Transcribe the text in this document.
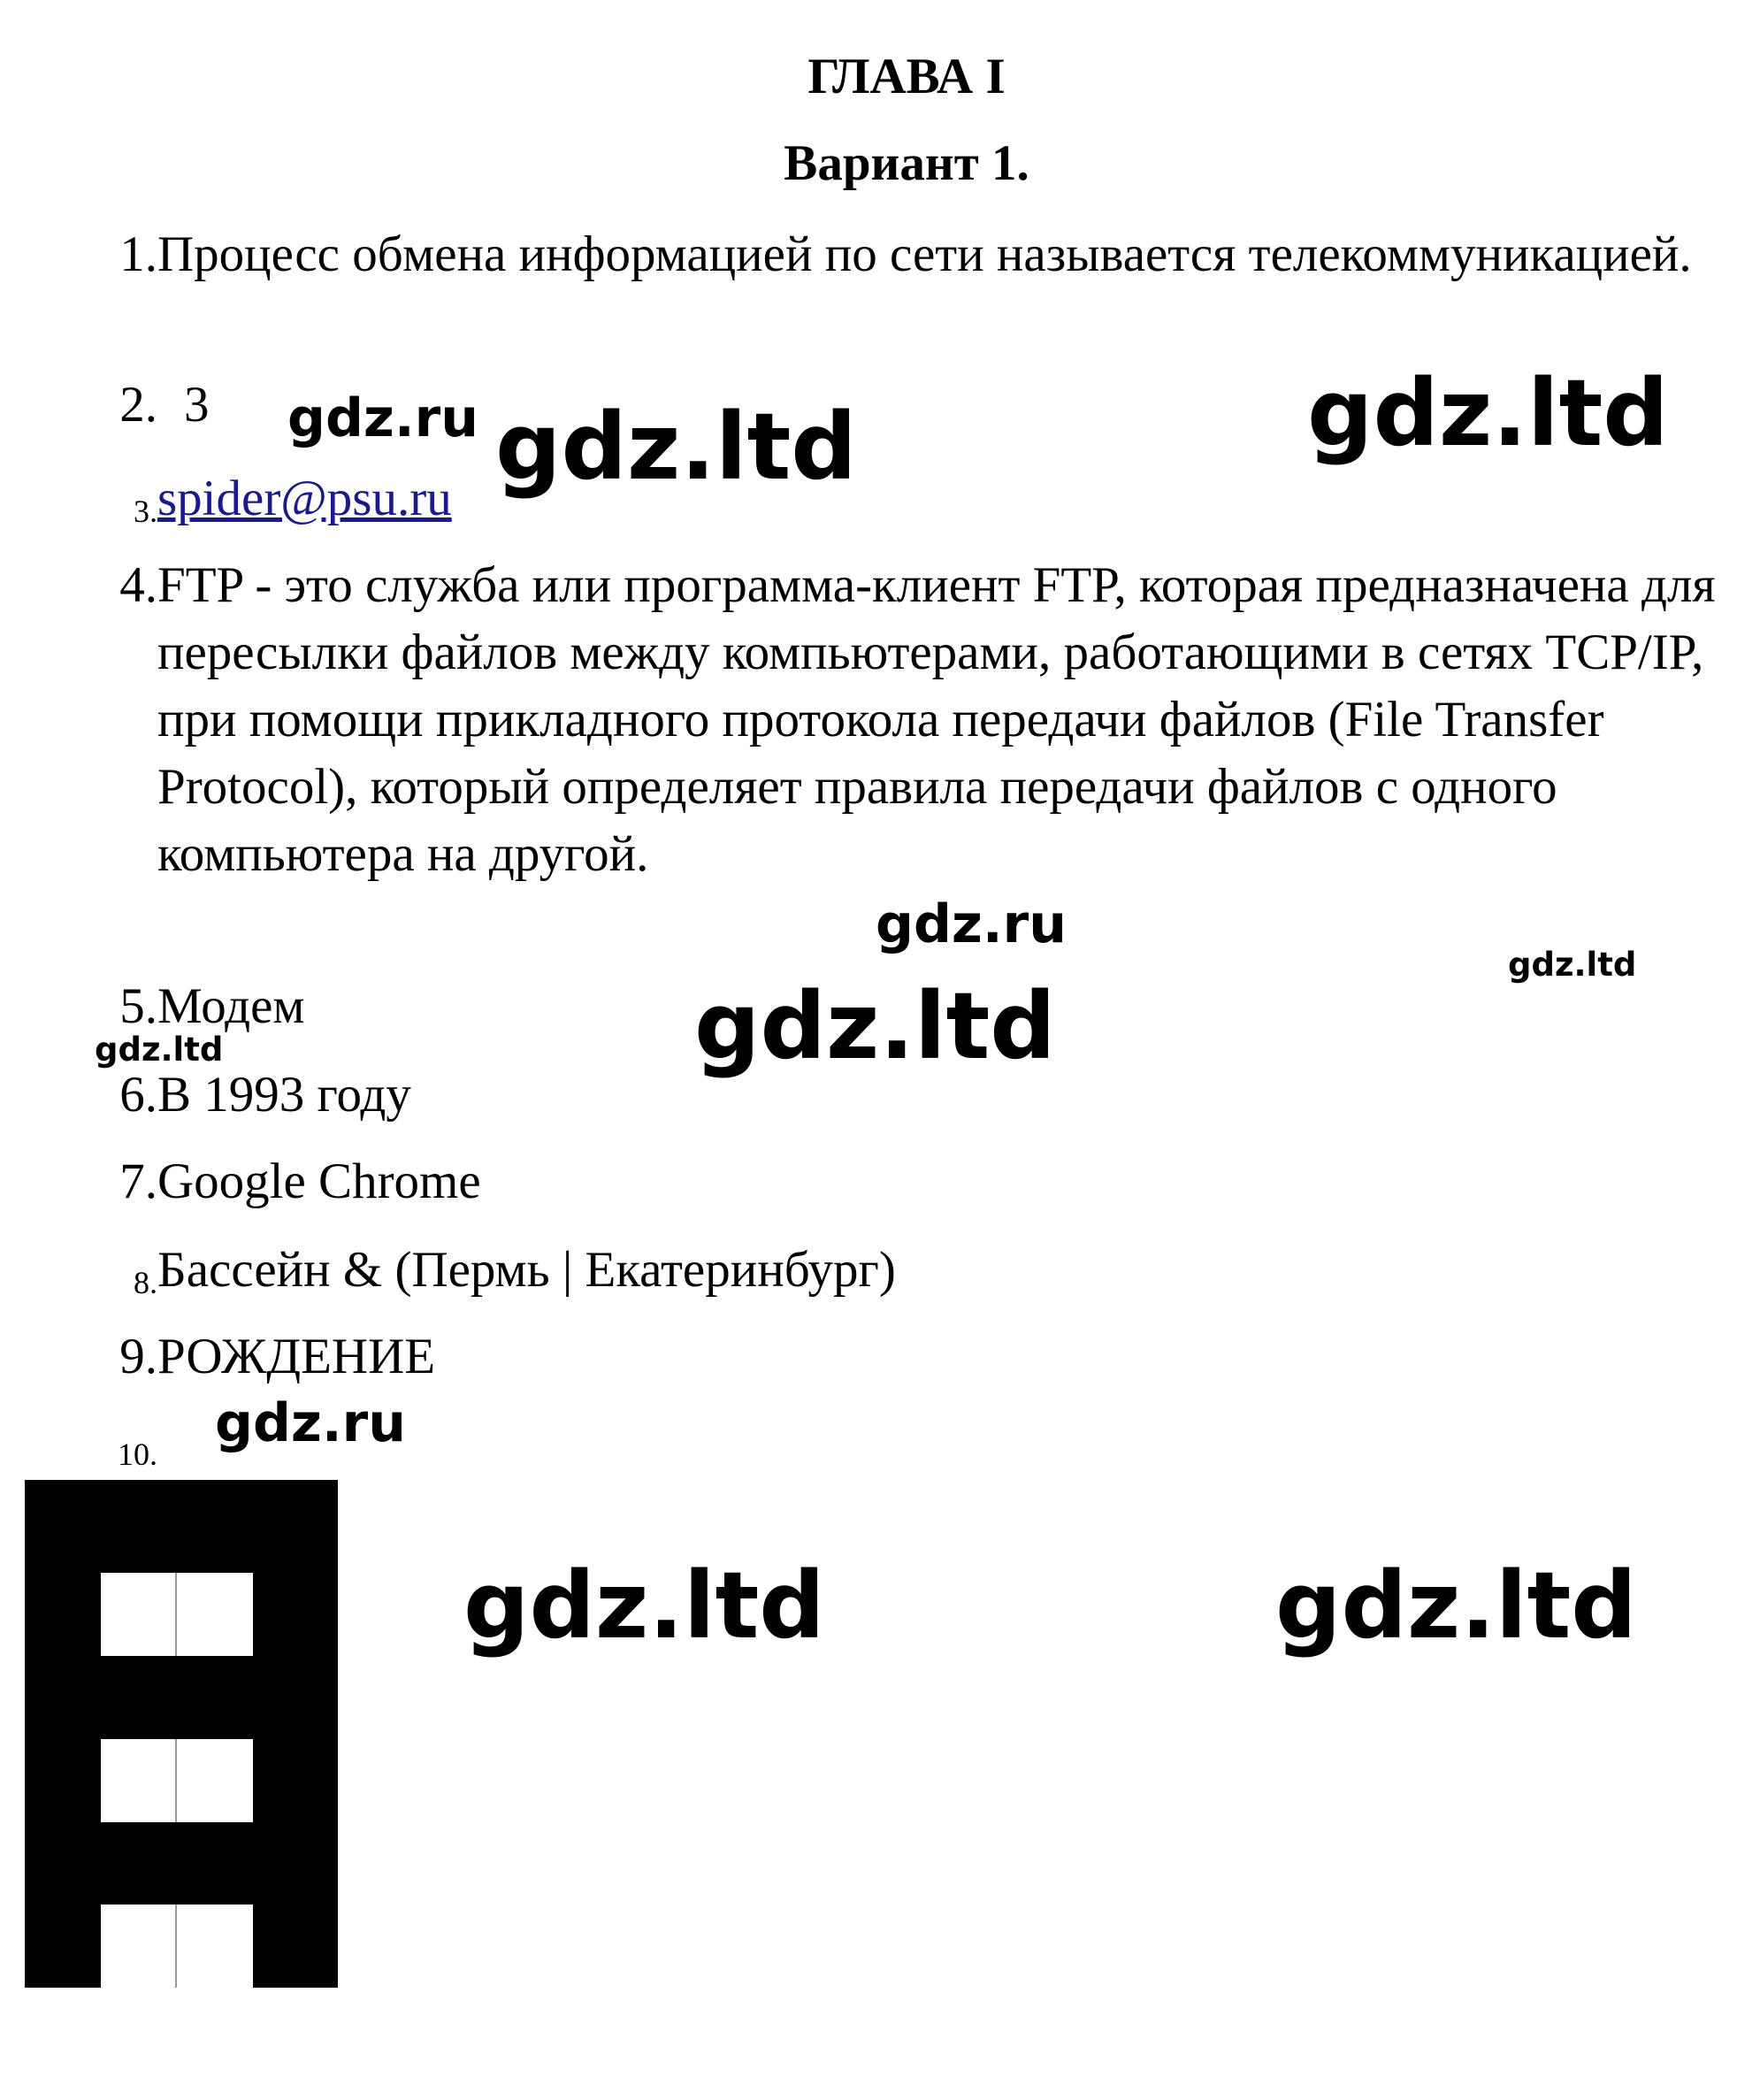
ГЛАВА I
Вариант 1.
1. Процесс обмена информацией по сети называется телекоммуникацией.
2. 3
3. spider@psu.ru
4. FTP - это служба или программа-клиент FTP, которая предназначена для пересылки файлов между компьютерами, работающими в сетях TCP/IP, при помощи прикладного протокола передачи файлов (File Transfer Protocol), который определяет правила передачи файлов с одного компьютера на другой.
5. Модем
6. В 1993 году
7. Google Chrome
8. Бассейн & (Пермь | Екатеринбург)
9. РОЖДЕНИЕ
10.
gdz.ru gdz.ltd	gdz.ltd
gdz.ru
gdz.ltd
gdz.ltd
gdz.ltd
gdz.ru
gdz.ltd	gdz.ltd
